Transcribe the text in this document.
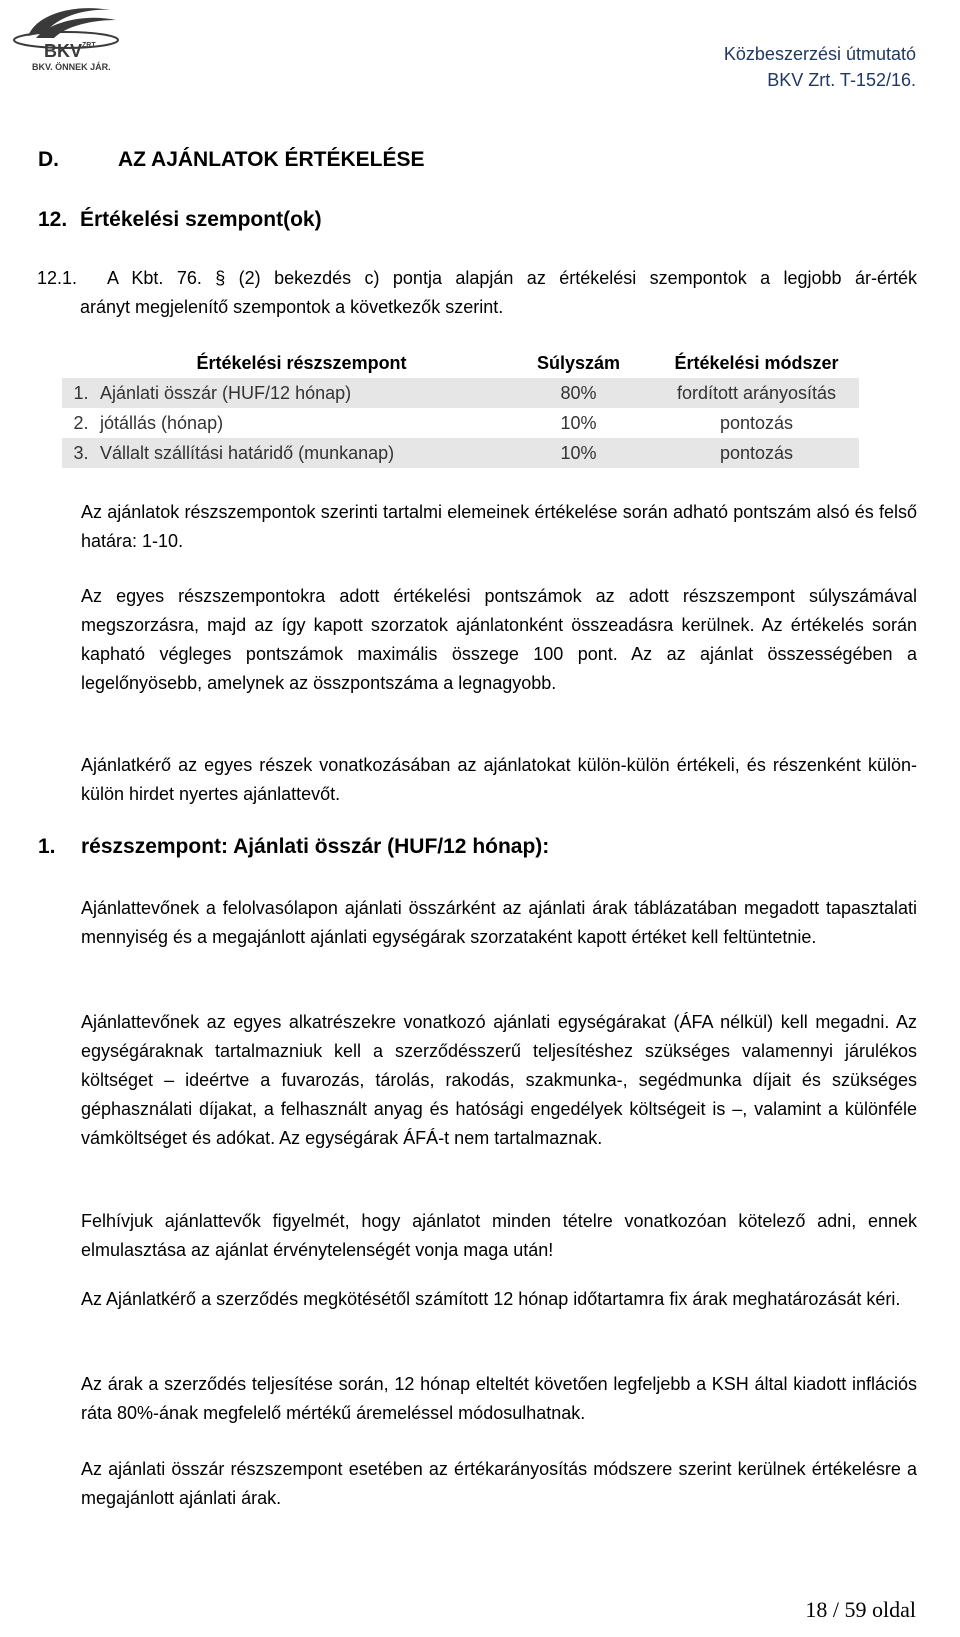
BKV ZRT
BKV. ÖNNEK JÁR.
Közbeszerzési útmutató
BKV Zrt. T-152/16.
D.	AZ AJÁNLATOK ÉRTÉKELÉSE
12. Értékelési szempont(ok)
12.1.	A Kbt. 76. § (2) bekezdés c) pontja alapján az értékelési szempontok a legjobb ár-érték
arányt megjelenítő szempontok a következők szerint.
	Értékelési részszempont	Súlyszám	Értékelési módszer
1.	Ajánlati összár (HUF/12 hónap)	80%	fordított arányosítás
2.	jótállás (hónap)	10%	pontozás
3.	Vállalt szállítási határidő (munkanap)	10%	pontozás

Az ajánlatok részszempontok szerinti tartalmi elemeinek értékelése során adható pontszám alsó és felső határa: 1-10.

Az egyes részszempontokra adott értékelési pontszámok az adott részszempont súlyszámával megszorzásra, majd az így kapott szorzatok ajánlatonként összeadásra kerülnek. Az értékelés során kapható végleges pontszámok maximális összege 100 pont. Az az ajánlat összességében a legelőnyösebb, amelynek az összpontszáma a legnagyobb.

Ajánlatkérő az egyes részek vonatkozásában az ajánlatokat külön-külön értékeli, és részenként külön-külön hirdet nyertes ajánlattevőt.

1. részszempont: Ajánlati összár (HUF/12 hónap):

Ajánlattevőnek a felolvasólapon ajánlati összárként az ajánlati árak táblázatában megadott tapasztalati mennyiség és a megajánlott ajánlati egységárak szorzataként kapott értéket kell feltüntetnie.

Ajánlattevőnek az egyes alkatrészekre vonatkozó ajánlati egységárakat (ÁFA nélkül) kell megadni. Az egységáraknak tartalmazniuk kell a szerződésszerű teljesítéshez szükséges valamennyi járulékos költséget – ideértve a fuvarozás, tárolás, rakodás, szakmunka-, segédmunka díjait és szükséges géphasználati díjakat, a felhasznált anyag és hatósági engedélyek költségeit is –, valamint a különféle vámköltséget és adókat. Az egységárak ÁFÁ-t nem tartalmaznak.

Felhívjuk ajánlattevők figyelmét, hogy ajánlatot minden tételre vonatkozóan kötelező adni, ennek elmulasztása az ajánlat érvénytelenségét vonja maga után!

Az Ajánlatkérő a szerződés megkötésétől számított 12 hónap időtartamra fix árak meghatározását kéri.

Az árak a szerződés teljesítése során, 12 hónap elteltét követően legfeljebb a KSH által kiadott inflációs ráta 80%-ának megfelelő mértékű áremeléssel módosulhatnak.

Az ajánlati összár részszempont esetében az értékarányosítás módszere szerint kerülnek értékelésre a megajánlott ajánlati árak.

18 / 59 oldal
